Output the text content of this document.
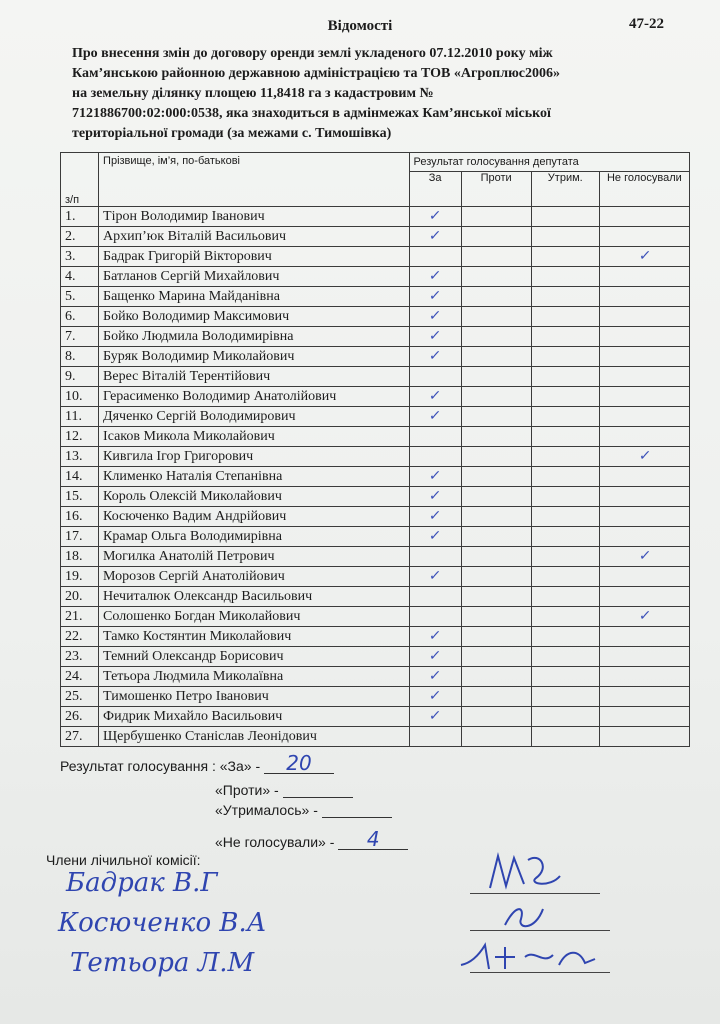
Відомості	47-22
Про внесення змін до договору оренди землі укладеного 07.12.2010 року між
Кам’янською районною державною адміністрацією та ТОВ «Агроплюс2006»
на земельну ділянку площею 11,8418 га з кадастровим №
7121886700:02:000:0538, яка знаходиться в адмінмежах Кам’янської міської
територіальної громади (за межами с. Тимошівка)
з/п	Прізвище, ім’я, по-батькові	Результат голосування депутата			
		За	Проти	Утрим.	Не голосували
1.	Тірон Володимир Іванович	✓			
2.	Архип’юк Віталій Васильович	✓			
3.	Бадрак Григорій Вікторович				✓
4.	Батланов Сергій Михайлович	✓			
5.	Бащенко Марина Майданівна	✓			
6.	Бойко Володимир Максимович	✓			
7.	Бойко Людмила Володимирівна	✓			
8.	Буряк Володимир Миколайович	✓			
9.	Верес Віталій Терентійович				
10.	Герасименко Володимир Анатолійович	✓			
11.	Дяченко Сергій Володимирович	✓			
12.	Ісаков Микола Миколайович				
13.	Кивгила Ігор Григорович				✓
14.	Клименко Наталія Степанівна	✓			
15.	Король Олексій Миколайович	✓			
16.	Косюченко Вадим Андрійович	✓			
17.	Крамар Ольга Володимирівна	✓			
18.	Могилка Анатолій Петрович				✓
19.	Морозов Сергій Анатолійович	✓			
20.	Нечиталюк Олександр Васильович				
21.	Солошенко Богдан Миколайович				✓
22.	Тамко Костянтин Миколайович	✓			
23.	Темний Олександр Борисович	✓			
24.	Тетьора Людмила Миколаївна	✓			
25.	Тимошенко Петро Іванович	✓			
26.	Фидрик Михайло Васильович	✓			
27.	Щербушенко Станіслав Леонідович				
Результат голосування : «За» -	20
«Проти» -
«Утрималось» -
«Не голосували» -	4
Члени лічильної комісії:
Бадрак В.Г
Косюченко В.А
Тетьора Л.М
